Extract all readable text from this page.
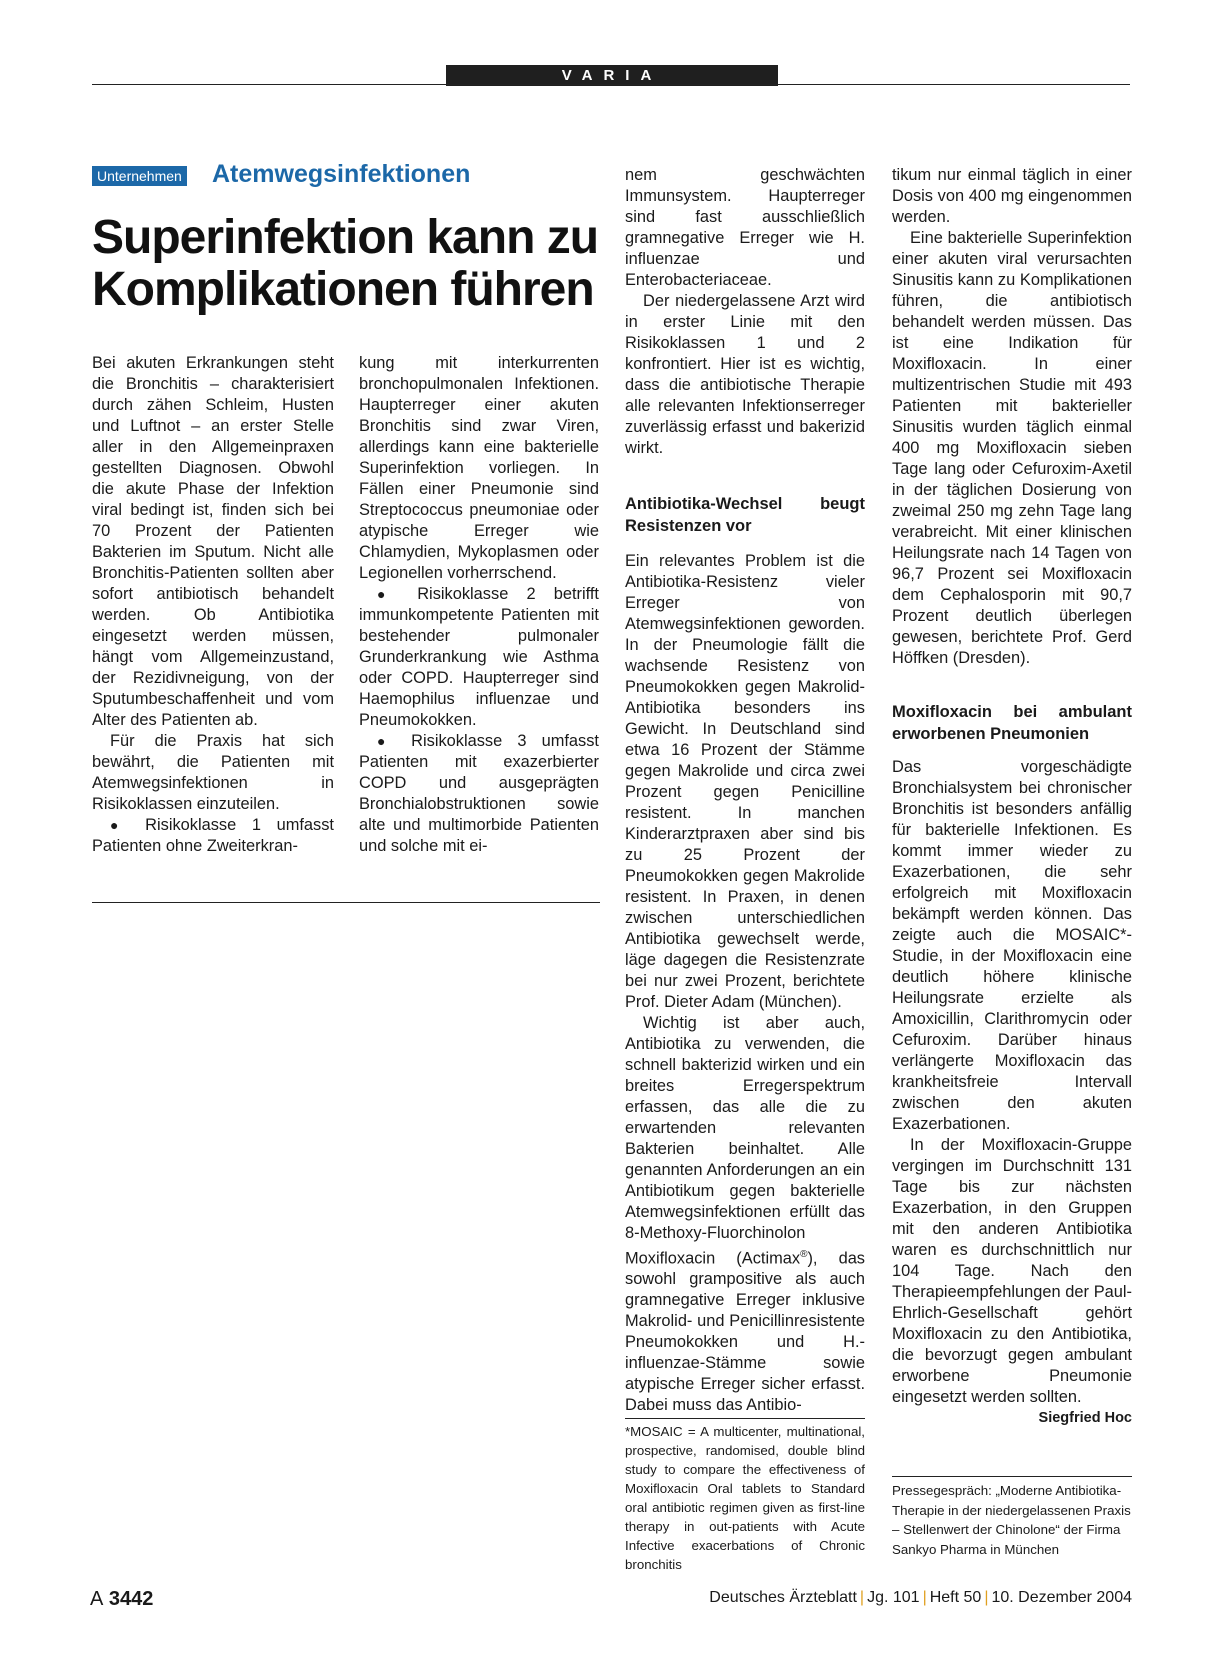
VARIA
Unternehmen Atemwegsinfektionen
Superinfektion kann zu Komplikationen führen

Bei akuten Erkrankungen steht die Bronchitis – charakterisiert durch zähen Schleim, Husten und Luftnot – an erster Stelle aller in den Allgemeinpraxen gestellten Diagnosen. Obwohl die akute Phase der Infektion viral bedingt ist, finden sich bei 70 Prozent der Patienten Bakterien im Sputum. Nicht alle Bronchitis-Patienten sollten aber sofort antibiotisch behandelt werden. Ob Antibiotika eingesetzt werden müssen, hängt vom Allgemeinzustand, der Rezidivneigung, von der Sputumbeschaffenheit und vom Alter des Patienten ab.

Für die Praxis hat sich bewährt, die Patienten mit Atemwegsinfektionen in Risikoklassen einzuteilen.

● Risikoklasse 1 umfasst Patienten ohne Zweiterkran-

kung mit interkurrenten bronchopulmonalen Infektionen. Haupterreger einer akuten Bronchitis sind zwar Viren, allerdings kann eine bakterielle Superinfektion vorliegen. In Fällen einer Pneumonie sind Streptococcus pneumoniae oder atypische Erreger wie Chlamydien, Mykoplasmen oder Legionellen vorherrschend.

● Risikoklasse 2 betrifft immunkompetente Patienten mit bestehender pulmonaler Grunderkrankung wie Asthma oder COPD. Haupterreger sind Haemophilus influenzae und Pneumokokken.

● Risikoklasse 3 umfasst Patienten mit exazerbierter COPD und ausgeprägten Bronchialobstruktionen sowie alte und multimorbide Patienten und solche mit ei-

nem geschwächten Immunsystem. Haupterreger sind fast ausschließlich gramnegative Erreger wie H. influenzae und Enterobacteriaceae.

Der niedergelassene Arzt wird in erster Linie mit den Risikoklassen 1 und 2 konfrontiert. Hier ist es wichtig, dass die antibiotische Therapie alle relevanten Infektionserreger zuverlässig erfasst und bakerizid wirkt.

Antibiotika-Wechsel beugt Resistenzen vor

Ein relevantes Problem ist die Antibiotika-Resistenz vieler Erreger von Atemwegsinfektionen geworden. In der Pneumologie fällt die wachsende Resistenz von Pneumokokken gegen Makrolid-Antibiotika besonders ins Gewicht. In Deutschland sind etwa 16 Prozent der Stämme gegen Makrolide und circa zwei Prozent gegen Penicilline resistent. In manchen Kinderarztpraxen aber sind bis zu 25 Prozent der Pneumokokken gegen Makrolide resistent. In Praxen, in denen zwischen unterschiedlichen Antibiotika gewechselt werde, läge dagegen die Resistenzrate bei nur zwei Prozent, berichtete Prof. Dieter Adam (München).

Wichtig ist aber auch, Antibiotika zu verwenden, die schnell bakterizid wirken und ein breites Erregerspektrum erfassen, das alle die zu erwartenden relevanten Bakterien beinhaltet. Alle genannten Anforderungen an ein Antibiotikum gegen bakterielle Atemwegsinfektionen erfüllt das 8-Methoxy-Fluorchinolon Moxifloxacin (Actimax®), das sowohl grampositive als auch gramnegative Erreger inklusive Makrolid- und Penicillinresistente Pneumokokken und H.-influenzae-Stämme sowie atypische Erreger sicher erfasst. Dabei muss das Antibio-

*MOSAIC = A multicenter, multinational, prospective, randomised, double blind study to compare the effectiveness of Moxifloxacin Oral tablets to Standard oral antibiotic regimen given as first-line therapy in out-patients with Acute Infective exacerbations of Chronic bronchitis

tikum nur einmal täglich in einer Dosis von 400 mg eingenommen werden.

Eine bakterielle Superinfektion einer akuten viral verursachten Sinusitis kann zu Komplikationen führen, die antibiotisch behandelt werden müssen. Das ist eine Indikation für Moxifloxacin. In einer multizentrischen Studie mit 493 Patienten mit bakterieller Sinusitis wurden täglich einmal 400 mg Moxifloxacin sieben Tage lang oder Cefuroxim-Axetil in der täglichen Dosierung von zweimal 250 mg zehn Tage lang verabreicht. Mit einer klinischen Heilungsrate nach 14 Tagen von 96,7 Prozent sei Moxifloxacin dem Cephalosporin mit 90,7 Prozent deutlich überlegen gewesen, berichtete Prof. Gerd Höffken (Dresden).

Moxifloxacin bei ambulant erworbenen Pneumonien

Das vorgeschädigte Bronchialsystem bei chronischer Bronchitis ist besonders anfällig für bakterielle Infektionen. Es kommt immer wieder zu Exazerbationen, die sehr erfolgreich mit Moxifloxacin bekämpft werden können. Das zeigte auch die MOSAIC*-Studie, in der Moxifloxacin eine deutlich höhere klinische Heilungsrate erzielte als Amoxicillin, Clarithromycin oder Cefuroxim. Darüber hinaus verlängerte Moxifloxacin das krankheitsfreie Intervall zwischen den akuten Exazerbationen.

In der Moxifloxacin-Gruppe vergingen im Durchschnitt 131 Tage bis zur nächsten Exazerbation, in den Gruppen mit den anderen Antibiotika waren es durchschnittlich nur 104 Tage. Nach den Therapieempfehlungen der Paul-Ehrlich-Gesellschaft gehört Moxifloxacin zu den Antibiotika, die bevorzugt gegen ambulant erworbene Pneumonie eingesetzt werden sollten.
Siegfried Hoc

Pressegespräch: „Moderne Antibiotika-Therapie in der niedergelassenen Praxis – Stellenwert der Chinolone“ der Firma Sankyo Pharma in München
A 3442	Deutsches Ärzteblatt | Jg. 101 | Heft 50 | 10. Dezember 2004
